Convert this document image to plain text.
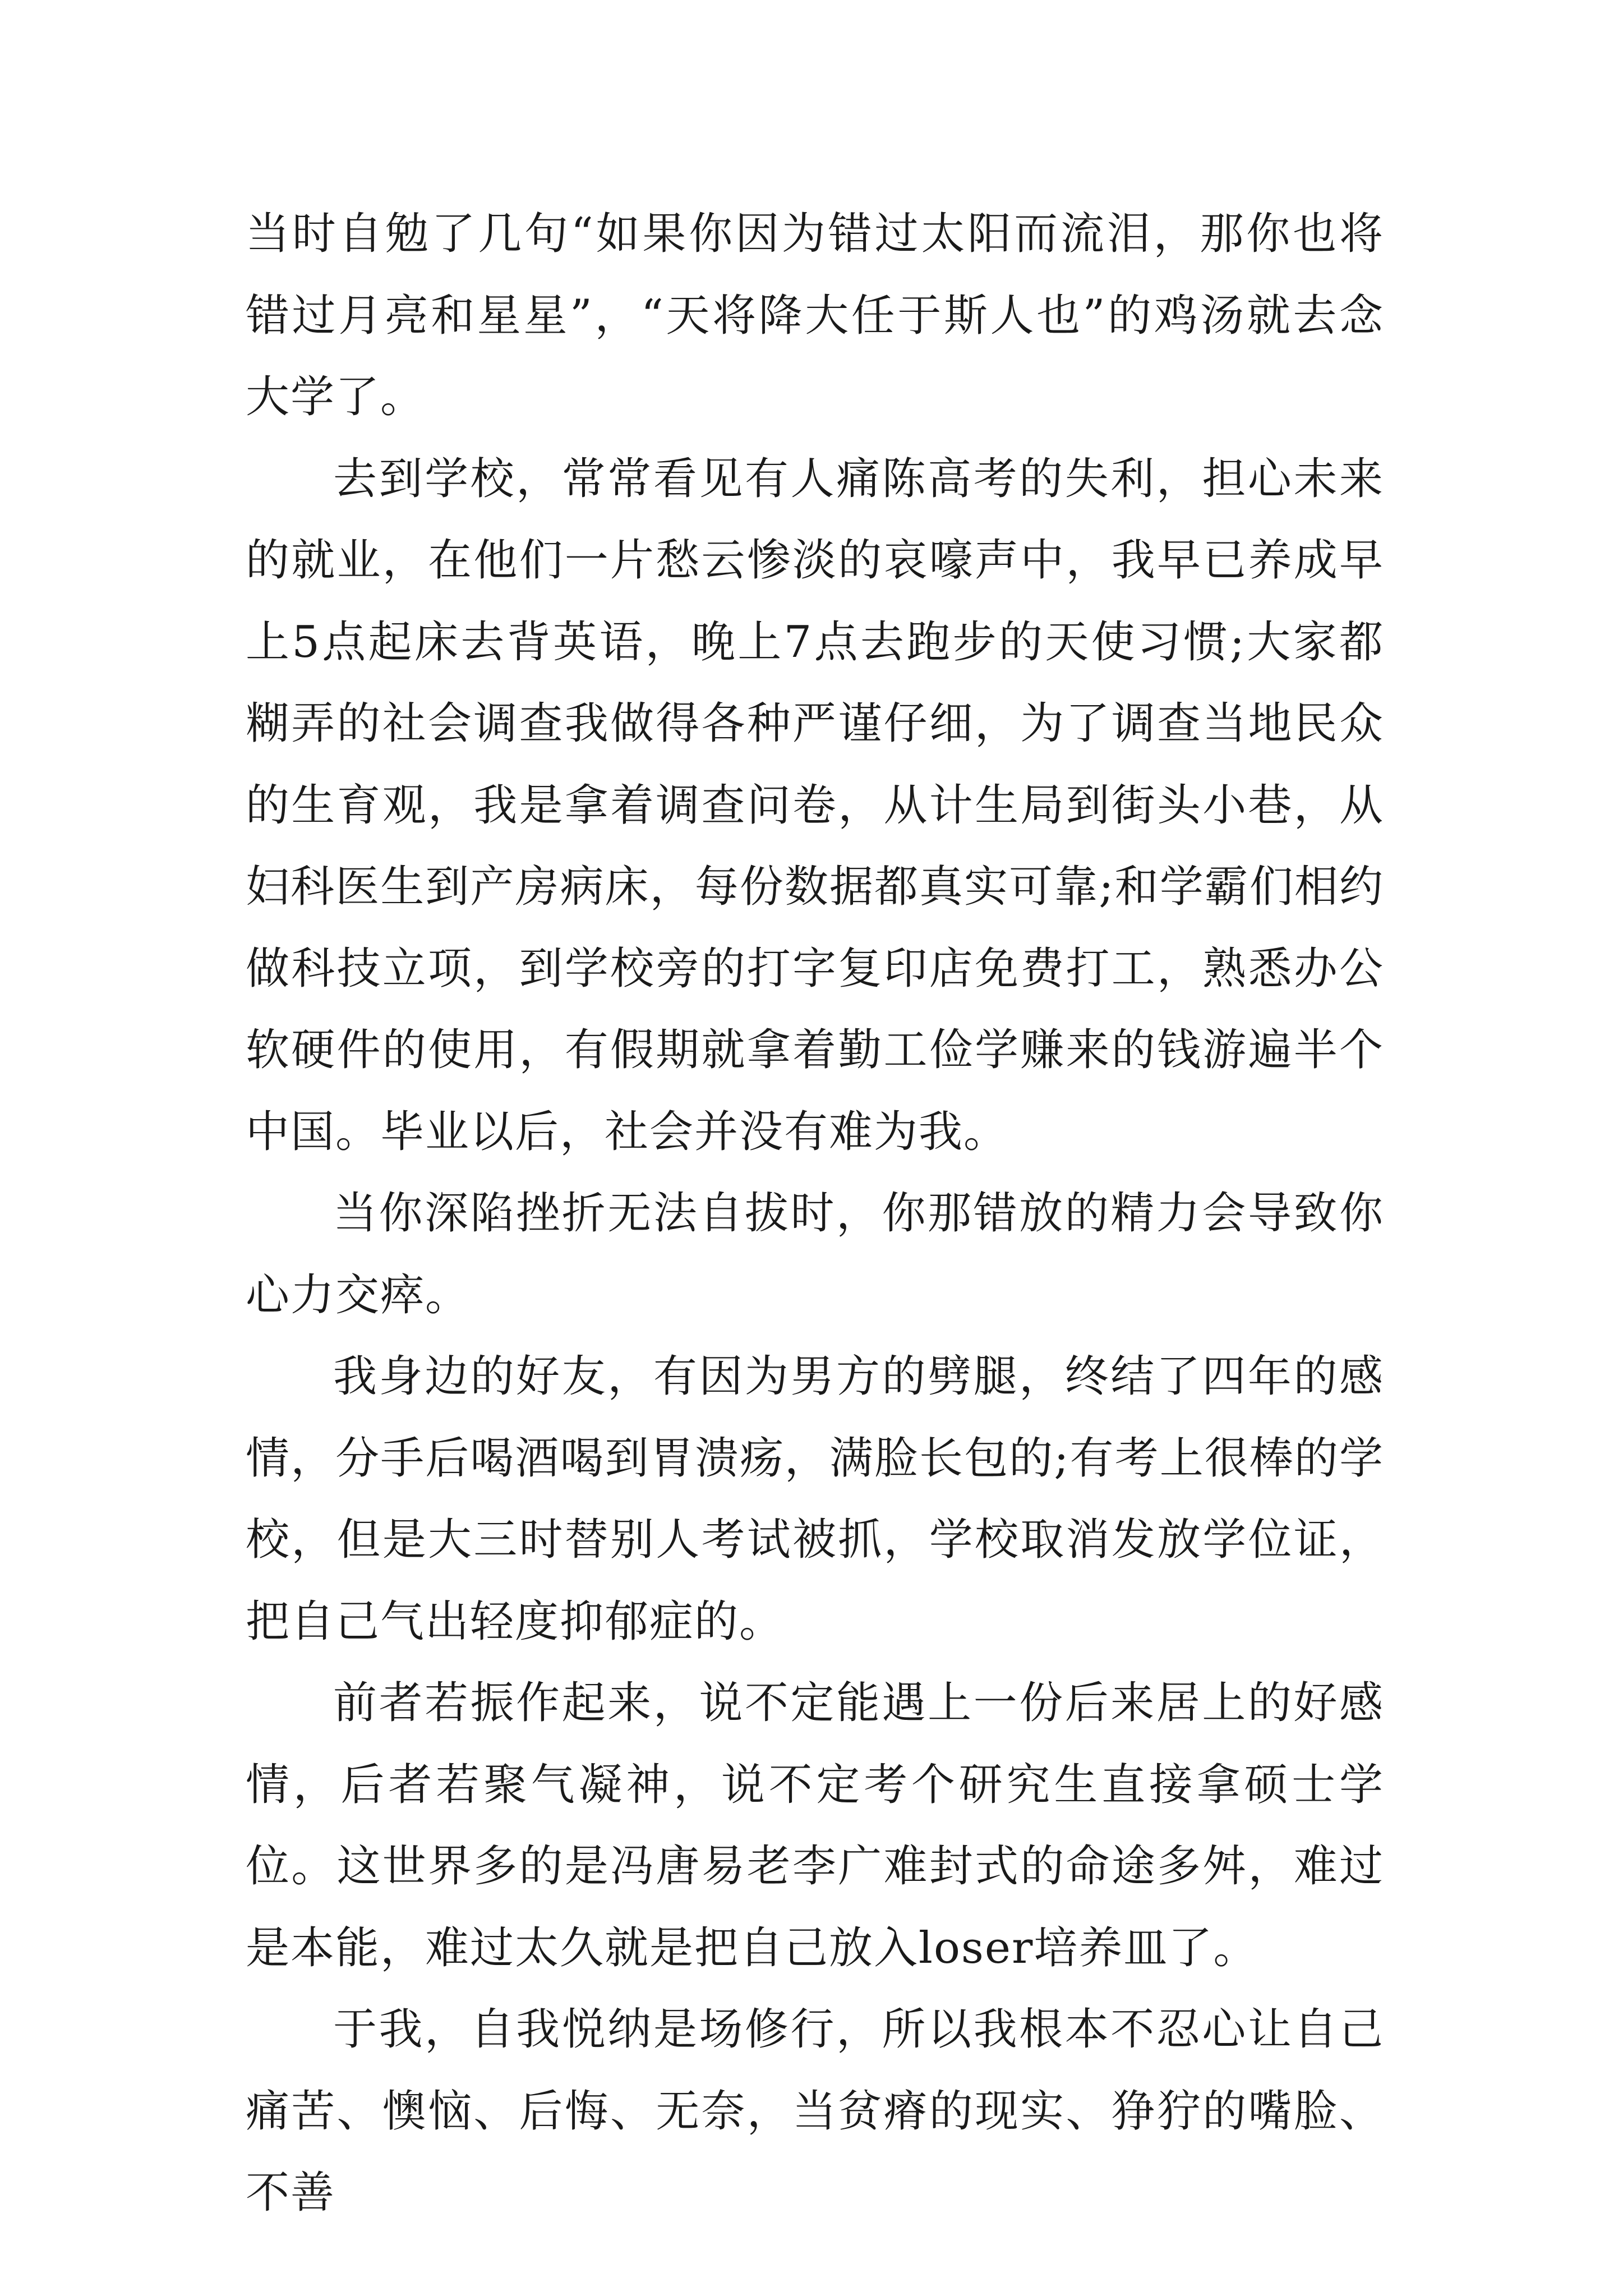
当时自勉了几句“如果你因为错过太阳而流泪，那你也将错过月亮和星星”，“天将降大任于斯人也”的鸡汤就去念大学了。

去到学校，常常看见有人痛陈高考的失利，担心未来的就业，在他们一片愁云惨淡的哀嚎声中，我早已养成早上5点起床去背英语，晚上7点去跑步的天使习惯;大家都糊弄的社会调查我做得各种严谨仔细，为了调查当地民众的生育观，我是拿着调查问卷，从计生局到街头小巷，从妇科医生到产房病床，每份数据都真实可靠;和学霸们相约做科技立项，到学校旁的打字复印店免费打工，熟悉办公软硬件的使用，有假期就拿着勤工俭学赚来的钱游遍半个中国。毕业以后，社会并没有难为我。

当你深陷挫折无法自拔时，你那错放的精力会导致你心力交瘁。

我身边的好友，有因为男方的劈腿，终结了四年的感情，分手后喝酒喝到胃溃疡，满脸长包的;有考上很棒的学校，但是大三时替别人考试被抓，学校取消发放学位证，把自己气出轻度抑郁症的。

前者若振作起来，说不定能遇上一份后来居上的好感情，后者若聚气凝神，说不定考个研究生直接拿硕士学位。这世界多的是冯唐易老李广难封式的命途多舛，难过是本能，难过太久就是把自己放入loser培养皿了。

于我，自我悦纳是场修行，所以我根本不忍心让自己痛苦、懊恼、后悔、无奈，当贫瘠的现实、狰狞的嘴脸、不善
